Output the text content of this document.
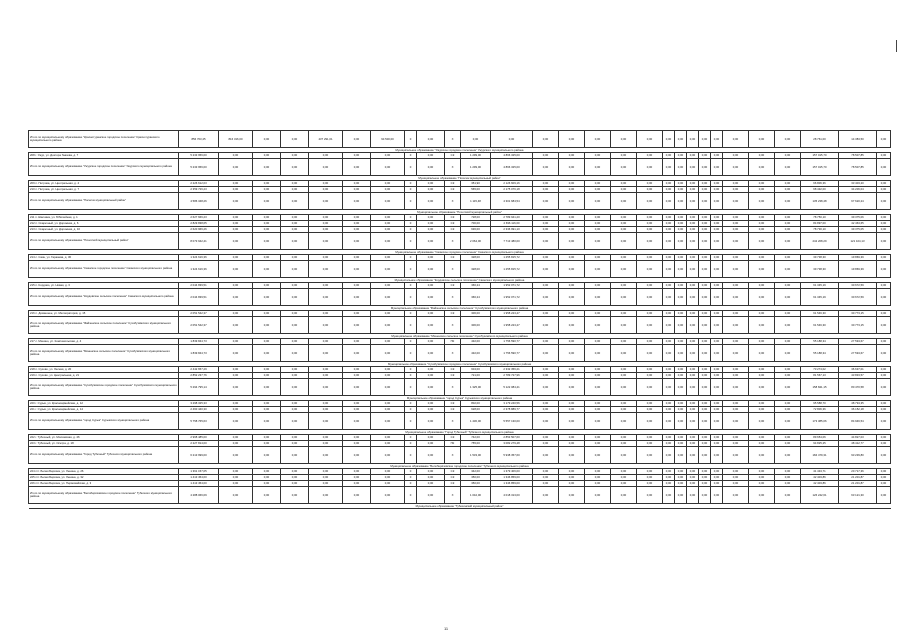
Итого по муниципальному образованию "Краснотуранское городское поселение" Краснотуранского муниципального района	856 703,45	816 316,00	0,00	0,00	437 291,01	0,00	94 500,00	0	0,00	X	0,00	0,00	0,00	0,00	0,00	0,00	0,00	0,00	0,00	0,00	0,00	0,00	0,00	0,00	0,00	28 761,00	14 383,50	0,00
Муниципальное образование "Ужурское городское поселение" Ужурского муниципального района																												
208 г. Ужур, ул. Доктора Гаазова, д. 7	5 233 956,00	0,00	0,00	0,00	0,00	0,00	0,00	0	0,00	СК	1 299,00	4 866 325,00	0,00	0,00	0,00	0,00	0,00	0,00	0,00	0,00	0,00	0,00	0,00	0,00	0,00	157 015,70	78 507,85	0,00
Итого по муниципальному образованию "Ужурское городское поселение" Ужурского муниципального района	5 233 956,00	0,00	0,00	0,00	0,00	0,00	0,00	0	0,00	X	1 299,00	4 866 325,00	0,00	0,00	0,00	0,00	0,00	0,00	0,00	0,00	0,00	0,00	0,00	0,00	0,00	157 015,70	78 507,85	0,00
Муниципальное образование "Поселок муниципальный район"																												
209 п. Петрова, ул. Центральная, д. 4	2 226 612,03	0,00	0,00	0,00	0,00	0,00	0,00	0	0,00	СК	351,90	2 126 609,16	0,00	0,00	0,00	0,00	0,00	0,00	0,00	0,00	0,00	0,00	0,00	0,00	0,00	66 806,36	33 403,20	0,00
210 п. Петрова, ул. Центральная, д. 7	2 359 726,23	0,00	0,00	0,00	0,00	0,00	0,00	0	0,00	СК	565,00	2 175 076,18	0,00	0,00	0,00	0,00	0,00	0,00	0,00	0,00	0,00	0,00	0,00	0,00	0,00	68 432,00	34 206,04	0,00
Итого по муниципальному образованию "Поселок муниципальный район"	4 586 348,26	0,00	0,00	0,00	0,00	0,00	0,00	0	0,00	X	1 115,48	4 301 684,54	0,00	0,00	0,00	0,00	0,00	0,00	0,00	0,00	0,00	0,00	0,00	0,00	0,00	135 238,48	67 620,24	0,00
Муниципальное образование "Почетский муниципальный район"																												
211 п. Шаловка, ул. Юбилейная, д. 1	2 627 666,23	0,00	0,00	0,00	0,00	0,00	0,00	0	0,00	СК	728,00	2 789 941,20	0,00	0,00	0,00	0,00	0,00	0,00	0,00	0,00	0,00	0,00	0,00	0,00	0,00	78 750,10	39 375,06	0,00
212 п. Скаречный, ул. Дорожная, д. 6	2 829 838,65	0,00	0,00	0,00	0,00	0,00	0,00	0	0,00	СК	700,00	2 696 116,00	0,00	0,00	0,00	0,00	0,00	0,00	0,00	0,00	0,00	0,00	0,00	0,00	0,00	84 897,00	42 463,65	0,00
213 п. Скаречный, ул. Дорожная, д. 10	2 620 966,26	0,00	0,00	0,00	0,00	0,00	0,00	0	0,00	СК	636,00	2 336 991,10	0,00	0,00	0,00	0,00	0,00	0,00	0,00	0,00	0,00	0,00	0,00	0,00	0,00	78 730,10	39 375,05	0,00
Итого по муниципальному образованию "Почетский муниципальный район"	8 073 942,41	0,00	0,00	0,00	0,00	0,00	0,00	0	0,00	X	2 064,00	7 713 480,00	0,00	0,00	0,00	0,00	0,00	0,00	0,00	0,00	0,00	0,00	0,00	0,00	0,00	242 208,29	121 104,13	0,00
Муниципальное образование "Саянское городское поселение" Саянского муниципального района																												
214 с. Саян, ул. Гараяева, д. 30	1 324 616,36	0,00	0,00	0,00	0,00	0,00	0,00	0	0,00	СК	328,00	1 255 815,72	0,00	0,00	0,00	0,00	0,00	0,00	0,00	0,00	0,00	0,00	0,00	0,00	0,00	39 738,30	19 869,39	0,00
Итого по муниципальному образованию "Саянское городское поселение" Саянского муниципального района	1 324 616,36	0,00	0,00	0,00	0,00	0,00	0,00	0	0,00	X	328,00	1 255 815,72	0,00	0,00	0,00	0,00	0,00	0,00	0,00	0,00	0,00	0,00	0,00	0,00	0,00	39 738,30	19 869,39	0,00
Муниципальное образование "Кордовское сельское поселение" Саянского муниципального района																												
215 п. Кордово, ул. Новая, д. 3	2 044 839,51	0,00	0,00	0,00	0,00	0,00	0,00	0	0,00	СК	366,24	1 952 071,72	0,00	0,00	0,00	0,00	0,00	0,00	0,00	0,00	0,00	0,00	0,00	0,00	0,00	61 345,19	30 672,59	0,00
Итого по муниципальному образованию "Кордовское сельское поселение" Саянского муниципального района	2 044 839,51	0,00	0,00	0,00	0,00	0,00	0,00	0	0,00	X	366,24	1 952 071,72	0,00	0,00	0,00	0,00	0,00	0,00	0,00	0,00	0,00	0,00	0,00	0,00	0,00	61 345,19	30 672,59	0,00
Муниципальное образование "Файзенское сельское поселение" Сухобузимского муниципального района																												
216 п. Домашнее, ул. Мелиораторов, д. 15	2 051 542,37	0,00	0,00	0,00	0,00	0,00	0,00	0	0,00	СК	306,00	1 958 223,47	0,00	0,00	0,00	0,00	0,00	0,00	0,00	0,00	0,00	0,00	0,00	0,00	0,00	61 546,30	30 773,15	0,00
Итого по муниципальному образованию "Файзенское сельское поселение" Сухобузимского муниципального района	2 051 542,37	0,00	0,00	0,00	0,00	0,00	0,00	0	0,00	X	306,00	1 958 223,47	0,00	0,00	0,00	0,00	0,00	0,00	0,00	0,00	0,00	0,00	0,00	0,00	0,00	61 546,30	30 773,15	0,00
Муниципальное образование "Миненское сельское поселение" Сухобузимского муниципального района																												
217 с. Минино, ул. Комсомольская, д. 4	1 839 844,73	0,00	0,00	0,00	0,00	0,00	0,00	0	0,00	ПК	432,00	1 756 590,77	0,00	0,00	0,00	0,00	0,00	0,00	0,00	0,00	0,00	0,00	0,00	0,00	0,00	55 188,34	27 594,67	0,00
Итого по муниципальному образованию "Миненское сельское поселение" Сухобузимского муниципального района	1 839 844,73	0,00	0,00	0,00	0,00	0,00	0,00	0	0,00	X	432,00	1 756 590,77	0,00	0,00	0,00	0,00	0,00	0,00	0,00	0,00	0,00	0,00	0,00	0,00	0,00	55 188,34	27 594,67	0,00
Муниципальное образование "Сухобузимское городское поселение" Сухобузимского муниципального района																												
218 п. Сухово, ул. Лесная, д. 20	2 442 657,29	0,00	0,00	0,00	0,00	0,00	0,00	0	0,00	СК	604,00	2 332 356,21	0,00	0,00	0,00	0,00	0,00	0,00	0,00	0,00	0,00	0,00	0,00	0,00	0,00	73 274,02	36 637,01	0,00
219 п. Сухово, ул. Центральная, д. 21	2 852 237,76	0,00	0,00	0,00	0,00	0,00	0,00	0	0,00	СК	721,00	2 789 727,96	0,00	0,00	0,00	0,00	0,00	0,00	0,00	0,00	0,00	0,00	0,00	0,00	0,00	81 567,13	43 833,57	0,00
Итого по муниципальному образованию "Сухобузимское городское поселение" Сухобузимского муниципального района	5 294 795,14	0,00	0,00	0,00	0,00	0,00	0,00	0	0,00	X	1 325,00	5 122 084,41	0,00	0,00	0,00	0,00	0,00	0,00	0,00	0,00	0,00	0,00	0,00	0,00	0,00	158 841,15	80 470,58	0,00
Муниципальное образование "город Сурык" Сурыкского муниципального района																												
220 г. Сурык, ул. Красноармейская, д. 12	3 298 325,33	0,00	0,00	0,00	0,00	0,00	0,00	0	0,00	СК	802,00	3 179 240,56	0,00	0,00	0,00	0,00	0,00	0,00	0,00	0,00	0,00	0,00	0,00	0,00	0,00	95 588,70	48 794,35	0,00
221 г. Сурык, ул. Красноармейская, д. 14	2 460 440,30	0,00	0,00	0,00	0,00	0,00	0,00	0	0,00	СК	628,00	2 378 889,77	0,00	0,00	0,00	0,00	0,00	0,00	0,00	0,00	0,00	0,00	0,00	0,00	0,00	72 806,36	36 152,18	0,00
Итого по муниципальному образованию "город Сурык" Сурыкского муниципального района	5 758 765,63	0,00	0,00	0,00	0,00	0,00	0,00	0	0,00	X	1 430,00	5 557 130,00	0,00	0,00	0,00	0,00	0,00	0,00	0,00	0,00	0,00	0,00	0,00	0,00	0,00	173 385,06	84 946,54	0,00
Муниципальное образование "Город Тубечный" Тубечного муниципального района																												
222 г. Тубечный, ул. Московская, д. 46	2 968 485,00	0,00	0,00	0,00	0,00	0,00	0,00	0	0,00	СК	742,00	2 853 507,60	0,00	0,00	0,00	0,00	0,00	0,00	0,00	0,00	0,00	0,00	0,00	0,00	0,00	89 654,06	44 827,03	0,00
223 г. Тубечный, ул. Осетра, д. 18	2 227 814,00	0,00	0,00	0,00	0,00	0,00	0,00	0	0,00	ПК	755,00	3 082 279,48	0,00	0,00	0,00	0,00	0,00	0,00	0,00	0,00	0,00	0,00	0,00	0,00	0,00	94 825,25	48 412,77	0,00
Итого по муниципальному образованию "Город Тубечный" Тубечного муниципального района	6 213 999,00	0,00	0,00	0,00	0,00	0,00	0,00	0	0,00	X	1 533,00	5 938 357,60	0,00	0,00	0,00	0,00	0,00	0,00	0,00	0,00	0,00	0,00	0,00	0,00	0,00	184 479,31	93 239,80	0,00
Муниципальное образование "Белоберёзовское городское поселение" Тубечного муниципального района																												
224 пгт. Белая Берёзка, ул. Ленина, д. 26	1 361 157,05	0,00	0,00	0,00	0,00	0,00	0,00	0	0,00	СК	342,00	1 379 406,00	0,00	0,00	0,00	0,00	0,00	0,00	0,00	0,00	0,00	0,00	0,00	0,00	0,00	41 434,71	20 717,36	0,00
225 пгт. Белая Берёзка, ул. Ленина, д. 32	1 413 454,00	0,00	0,00	0,00	0,00	0,00	0,00	0	0,00	СК	350,00	1 346 859,00	0,00	0,00	0,00	0,00	0,00	0,00	0,00	0,00	0,00	0,00	0,00	0,00	0,00	42 403,86	21 201,87	0,00
226 пгт. Белая Берёзка, ул. Первомайская, д. 3	1 413 454,00	0,00	0,00	0,00	0,00	0,00	0,00	0	0,00	СК	350,00	1 346 859,00	0,00	0,00	0,00	0,00	0,00	0,00	0,00	0,00	0,00	0,00	0,00	0,00	0,00	42 403,86	21 201,87	0,00
Итого по муниципальному образованию "Белоберёзовское городское поселение" Тубечного муниципального района	4 288 066,09	0,00	0,00	0,00	0,00	0,00	0,00	0	0,00	X	1 042,00	4 018 313,00	0,00	0,00	0,00	0,00	0,00	0,00	0,00	0,00	0,00	0,00	0,00	0,00	0,00	126 242,61	63 121,30	0,00
Муниципальное образование "Тубечинский муниципальный район"																												
11
